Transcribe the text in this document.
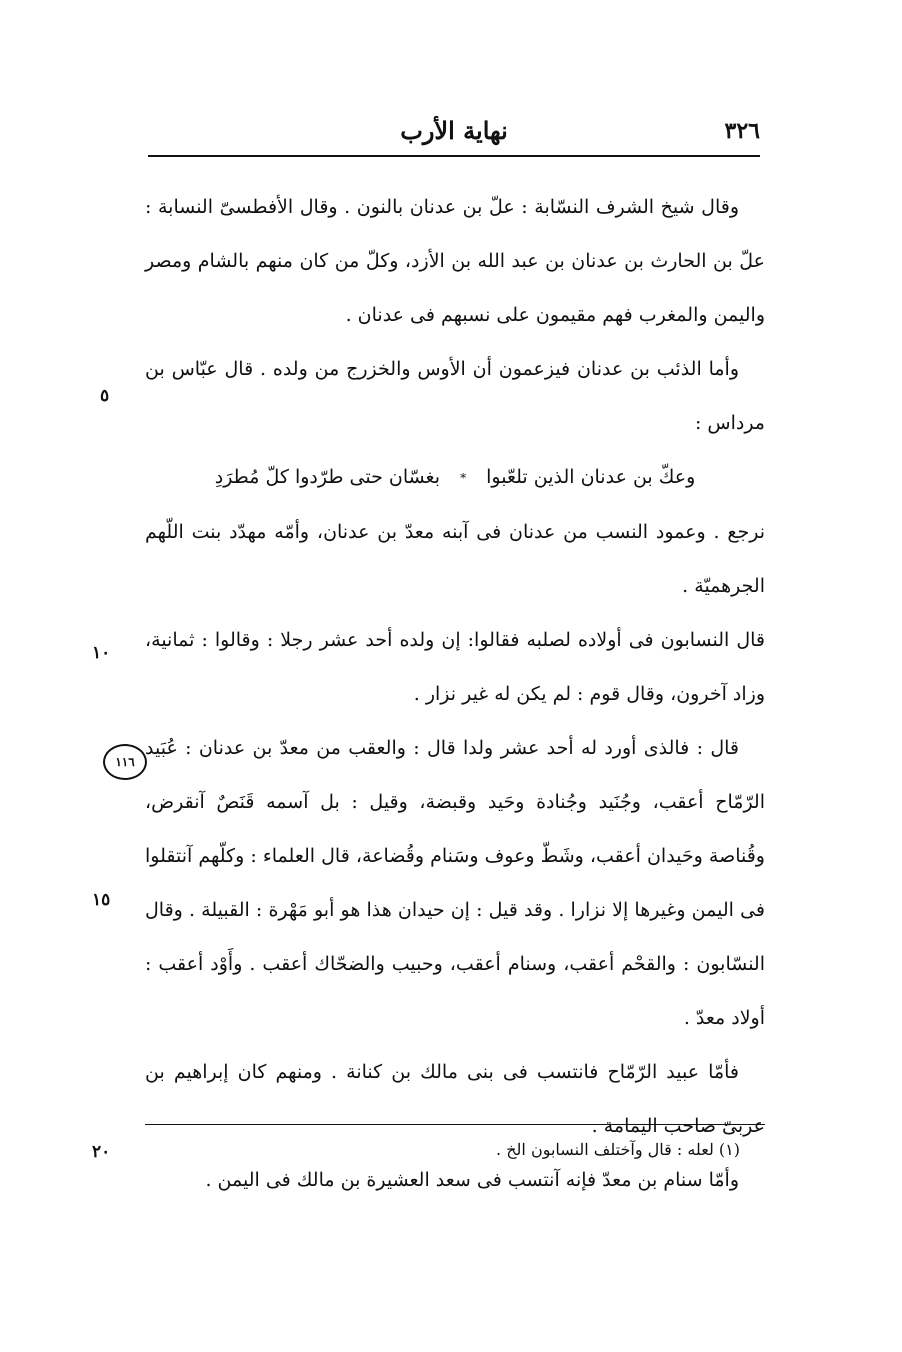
٣٢٦
نهاية الأرب

وقال شيخ الشرف النسّابة : علّ بن عدنان بالنون . وقال الأفطسىّ النسابة : علّ بن الحارث بن عدنان بن عبد الله بن الأزد، وكلّ من كان منهم بالشام ومصر واليمن والمغرب فهم مقيمون على نسبهم فى عدنان .

وأما الذئب بن عدنان فيزعمون أن الأوس والخزرج من ولده . قال عبّاس بن مرداس :

وعكّ بن عدنان الذين تلعّبوا * بغسّان حتى طرّدوا كلّ مُطرَدِ

نرجع . وعمود النسب من عدنان فى آبنه معدّ بن عدنان، وأمّه مهدّد بنت اللّهم الجرهميّة .

قال النسابون فى أولاده لصلبه فقالوا: إن ولده أحد عشر رجلا : وقالوا : ثمانية، وزاد آخرون، وقال قوم : لم يكن له غير نزار .

قال : فالذى أورد له أحد عشر ولدا قال : والعقب من معدّ بن عدنان : عُبَيد الرّمّاح أعقب، وجُنَيد وجُنادة وحَيد وقبضة، وقيل : بل آسمه قَنَصٌ آنقرض، وقُناصة وحَيدان أعقب، وشَطّ وعوف وسَنام وقُضاعة، قال العلماء : وكلّهم آنتقلوا فى اليمن وغيرها إلا نزارا . وقد قيل : إن حيدان هذا هو أبو مَهْرة : القبيلة . وقال النسّابون : والقحْم أعقب، وسنام أعقب، وحبيب والضحّاك أعقب . وأَوْد أعقب : أولاد معدّ .

فأمّا عبيد الرّمّاح فانتسب فى بنى مالك بن كنانة . ومنهم كان إبراهيم بن عربىّ صاحب اليمامة .

وأمّا سنام بن معدّ فإنه آنتسب فى سعد العشيرة بن مالك فى اليمن .

٥
١٠
١٥
٢٠
١١٦
(١) لعله : قال وآختلف النسابون الخ .
